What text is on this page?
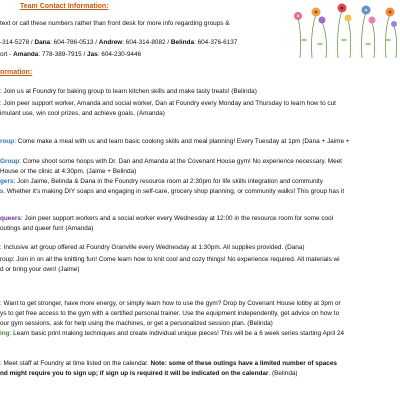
Team Contact Information:
text or call these numbers rather than front desk for more info regarding groups &
-314-5278 / Dana: 604-786-0513 / Andrew: 604-314-8082 / Belinda: 604-376-6137
ort - Amanda: 778-389-7915 / Jas: 604-230-9446
ormation:
: Join us at Foundry for baking group to learn kitchen skills and make tasty treats! (Belinda)
: Join peer support worker, Amanda and social worker, Dan at Foundry every Monday and Thursday to learn how to cut
imulant use, win cool prizes, and achieve goals. (Amanda)
roup: Come make a meal with us and learn basic cooking skills and meal planning! Every Tuesday at 1pm (Dana + Jaime +
Group: Come shoot some hoops with Dr. Dan and Amanda at the Covenant House gym! No experience necessary. Meet
House or the clinic at 4:30pm. (Jaime + Belinda)
gers: Join Jaime, Belinda & Dana in the Foundry resource room at 2:30pm for life skills integration and community
s. Whether it's making DIY soaps and engaging in self-care, grocery shop planning, or community walks! This group has it
queers: Join peer support workers and a social worker every Wednesday at 12:00 in the resource room for some cool
outings and queer fun! (Amanda)
: Inclusive art group offered at Foundry Granville every Wednesday at 1:30pm. All supplies provided. (Dana)
roup: Join in on all the knitting fun! Come learn how to knit cool and cozy things! No experience required. All materials wi
d or bring your own! (Jaime)
: Want to get stronger, have more energy, or simply learn how to use the gym? Drop by Covenant House lobby at 3pm or
ys to get free access to the gym with a certified personal trainer. Use the equipment independently, get advice on how to
our gym sessions, ask for help using the machines, or get a personalized session plan. (Belinda)
ing: Learn basic print making techniques and create individual unique pieces! This will be a 6 week series starting April 24
: Meet staff at Foundry at time listed on the calendar. Note: some of these outings have a limited number of spaces
nd might require you to sign up; if sign up is required it will be indicated on the calendar. (Belinda)
